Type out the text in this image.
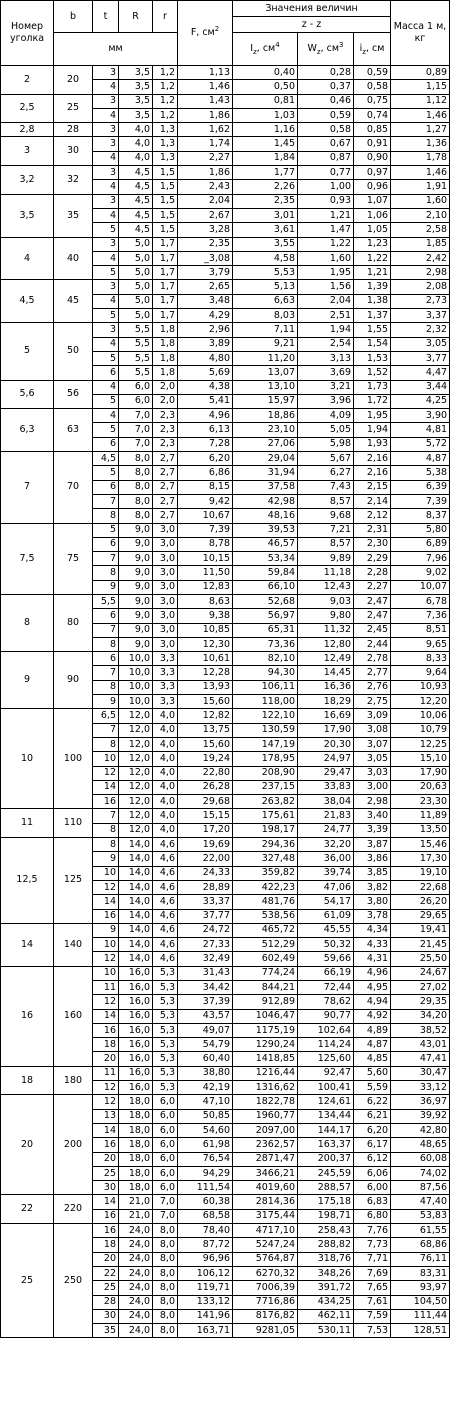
Номер уголка	b	t	R	r	F, $см^2$	Значения величин			Масса 1 м, кг
						z - z			
	мм					$I_z$, $см^4$	$W_z$, $см^3$	$i_z$, см	
2	20	3	3,5	1,2	1,13	0,40	0,28	0,59	0,89
		4	3,5	1,2	1,46	0,50	0,37	0,58	1,15
2,5	25	3	3,5	1,2	1,43	0,81	0,46	0,75	1,12
		4	3,5	1,2	1,86	1,03	0,59	0,74	1,46
2,8	28	3	4,0	1,3	1,62	1,16	0,58	0,85	1,27
3	30	3	4,0	1,3	1,74	1,45	0,67	0,91	1,36
		4	4,0	1,3	2,27	1,84	0,87	0,90	1,78
3,2	32	3	4,5	1,5	1,86	1,77	0,77	0,97	1,46
		4	4,5	1,5	2,43	2,26	1,00	0,96	1,91
3,5	35	3	4,5	1,5	2,04	2,35	0,93	1,07	1,60
		4	4,5	1,5	2,67	3,01	1,21	1,06	2,10
		5	4,5	1,5	3,28	3,61	1,47	1,05	2,58
4	40	3	5,0	1,7	2,35	3,55	1,22	1,23	1,85
		4	5,0	1,7	_3,08	4,58	1,60	1,22	2,42
		5	5,0	1,7	3,79	5,53	1,95	1,21	2,98
4,5	45	3	5,0	1,7	2,65	5,13	1,56	1,39	2,08
		4	5,0	1,7	3,48	6,63	2,04	1,38	2,73
		5	5,0	1,7	4,29	8,03	2,51	1,37	3,37
5	50	3	5,5	1,8	2,96	7,11	1,94	1,55	2,32
		4	5,5	1,8	3,89	9,21	2,54	1,54	3,05
		5	5,5	1,8	4,80	11,20	3,13	1,53	3,77
		6	5,5	1,8	5,69	13,07	3,69	1,52	4,47
5,6	56	4	6,0	2,0	4,38	13,10	3,21	1,73	3,44
		5	6,0	2,0	5,41	15,97	3,96	1,72	4,25
6,3	63	4	7,0	2,3	4,96	18,86	4,09	1,95	3,90
		5	7,0	2,3	6,13	23,10	5,05	1,94	4,81
		6	7,0	2,3	7,28	27,06	5,98	1,93	5,72
7	70	4,5	8,0	2,7	6,20	29,04	5,67	2,16	4,87
		5	8,0	2,7	6,86	31,94	6,27	2,16	5,38
		6	8,0	2,7	8,15	37,58	7,43	2,15	6,39
		7	8,0	2,7	9,42	42,98	8,57	2,14	7,39
		8	8,0	2,7	10,67	48,16	9,68	2,12	8,37
7,5	75	5	9,0	3,0	7,39	39,53	7,21	2,31	5,80
		6	9,0	3,0	8,78	46,57	8,57	2,30	6,89
		7	9,0	3,0	10,15	53,34	9,89	2,29	7,96
		8	9,0	3,0	11,50	59,84	11,18	2,28	9,02
		9	9,0	3,0	12,83	66,10	12,43	2,27	10,07
8	80	5,5	9,0	3,0	8,63	52,68	9,03	2,47	6,78
		6	9,0	3,0	9,38	56,97	9,80	2,47	7,36
		7	9,0	3,0	10,85	65,31	11,32	2,45	8,51
		8	9,0	3,0	12,30	73,36	12,80	2,44	9,65
9	90	6	10,0	3,3	10,61	82,10	12,49	2,78	8,33
		7	10,0	3,3	12,28	94,30	14,45	2,77	9,64
		8	10,0	3,3	13,93	106,11	16,36	2,76	10,93
		9	10,0	3,3	15,60	118,00	18,29	2,75	12,20
10	100	6,5	12,0	4,0	12,82	122,10	16,69	3,09	10,06
		7	12,0	4,0	13,75	130,59	17,90	3,08	10,79
		8	12,0	4,0	15,60	147,19	20,30	3,07	12,25
		10	12,0	4,0	19,24	178,95	24,97	3,05	15,10
		12	12,0	4,0	22,80	208,90	29,47	3,03	17,90
		14	12,0	4,0	26,28	237,15	33,83	3,00	20,63
		16	12,0	4,0	29,68	263,82	38,04	2,98	23,30
11	110	7	12,0	4,0	15,15	175,61	21,83	3,40	11,89
		8	12,0	4,0	17,20	198,17	24,77	3,39	13,50
12,5	125	8	14,0	4,6	19,69	294,36	32,20	3,87	15,46
		9	14,0	4,6	22,00	327,48	36,00	3,86	17,30
		10	14,0	4,6	24,33	359,82	39,74	3,85	19,10
		12	14,0	4,6	28,89	422,23	47,06	3,82	22,68
		14	14,0	4,6	33,37	481,76	54,17	3,80	26,20
		16	14,0	4,6	37,77	538,56	61,09	3,78	29,65
14	140	9	14,0	4,6	24,72	465,72	45,55	4,34	19,41
		10	14,0	4,6	27,33	512,29	50,32	4,33	21,45
		12	14,0	4,6	32,49	602,49	59,66	4,31	25,50
16	160	10	16,0	5,3	31,43	774,24	66,19	4,96	24,67
		11	16,0	5,3	34,42	844,21	72,44	4,95	27,02
		12	16,0	5,3	37,39	912,89	78,62	4,94	29,35
		14	16,0	5,3	43,57	1046,47	90,77	4,92	34,20
		16	16,0	5,3	49,07	1175,19	102,64	4,89	38,52
		18	16,0	5,3	54,79	1290,24	114,24	4,87	43,01
		20	16,0	5,3	60,40	1418,85	125,60	4,85	47,41
18	180	11	16,0	5,3	38,80	1216,44	92,47	5,60	30,47
		12	16,0	5,3	42,19	1316,62	100,41	5,59	33,12
20	200	12	18,0	6,0	47,10	1822,78	124,61	6,22	36,97
		13	18,0	6,0	50,85	1960,77	134,44	6,21	39,92
		14	18,0	6,0	54,60	2097,00	144,17	6,20	42,80
		16	18,0	6,0	61,98	2362,57	163,37	6,17	48,65
		20	18,0	6,0	76,54	2871,47	200,37	6,12	60,08
		25	18,0	6,0	94,29	3466,21	245,59	6,06	74,02
		30	18,0	6,0	111,54	4019,60	288,57	6,00	87,56
22	220	14	21,0	7,0	60,38	2814,36	175,18	6,83	47,40
		16	21,0	7,0	68,58	3175,44	198,71	6,80	53,83
25	250	16	24,0	8,0	78,40	4717,10	258,43	7,76	61,55
		18	24,0	8,0	87,72	5247,24	288,82	7,73	68,86
		20	24,0	8,0	96,96	5764,87	318,76	7,71	76,11
		22	24,0	8,0	106,12	6270,32	348,26	7,69	83,31
		25	24,0	8,0	119,71	7006,39	391,72	7,65	93,97
		28	24,0	8,0	133,12	7716,86	434,25	7,61	104,50
		30	24,0	8,0	141,96	8176,82	462,11	7,59	111,44
		35	24,0	8,0	163,71	9281,05	530,11	7,53	128,51
